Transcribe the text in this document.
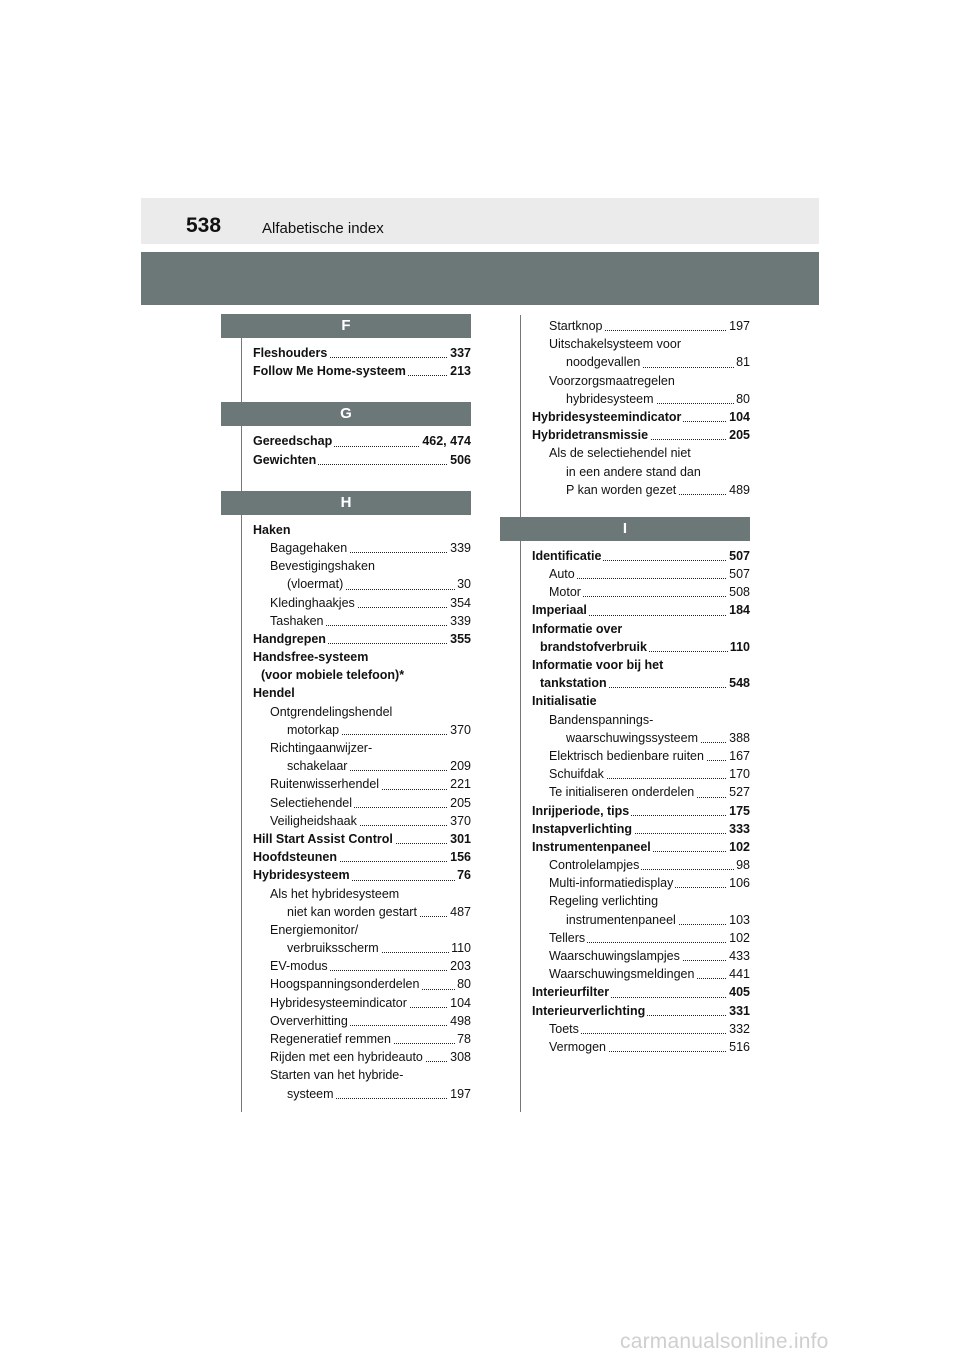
538	Alfabetische index
F
Fleshouders	337
Follow Me Home-systeem	213
G
Gereedschap	462, 474
Gewichten	506
H
Haken
Bagagehaken	339
Bevestigingshaken
(vloermat)	30
Kledinghaakjes	354
Tashaken	339
Handgrepen	355
Handsfree-systeem
(voor mobiele telefoon)*
Hendel
Ontgrendelingshendel
motorkap	370
Richtingaanwijzer-
schakelaar	209
Ruitenwisserhendel	221
Selectiehendel	205
Veiligheidshaak	370
Hill Start Assist Control	301
Hoofdsteunen	156
Hybridesysteem	76
Als het hybridesysteem
niet kan worden gestart	487
Energiemonitor/
verbruiksscherm	110
EV-modus	203
Hoogspanningsonderdelen	80
Hybridesysteemindicator	104
Oververhitting	498
Regeneratief remmen	78
Rijden met een hybrideauto 308
Starten van het hybride-
systeem	197
Startknop	197
Uitschakelsysteem voor
noodgevallen	81
Voorzorgsmaatregelen
hybridesysteem	80
Hybridesysteemindicator	104
Hybridetransmissie	205
Als de selectiehendel niet
in een andere stand dan
P kan worden gezet	489
I
Identificatie	507
Auto	507
Motor	508
Imperiaal	184
Informatie over
brandstofverbruik	110
Informatie voor bij het
tankstation	548
Initialisatie
Bandenspannings-
waarschuwingssysteem 388
Elektrisch bedienbare ruiten 167
Schuifdak	170
Te initialiseren onderdelen	527
Inrijperiode, tips	175
Instapverlichting	333
Instrumentenpaneel	102
Controlelampjes	98
Multi-informatiedisplay	106
Regeling verlichting
instrumentenpaneel	103
Tellers	102
Waarschuwingslampjes	433
Waarschuwingsmeldingen	441
Interieurfilter	405
Interieurverlichting	331
Toets	332
Vermogen	516
carmanualsonline.info
